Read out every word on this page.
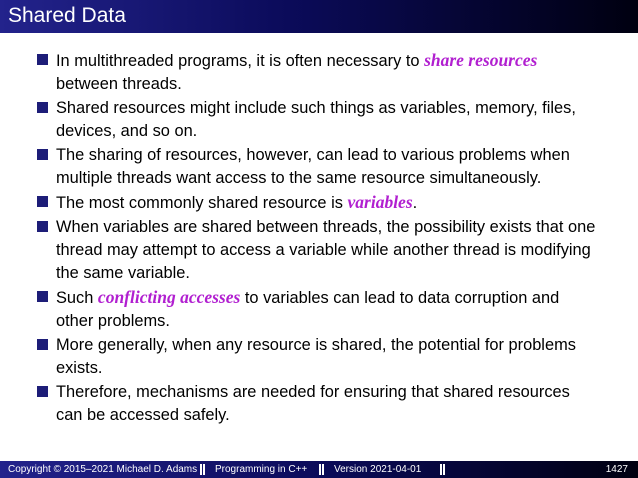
Shared Data
In multithreaded programs, it is often necessary to share resources
between threads.
Shared resources might include such things as variables, memory, files,
devices, and so on.
The sharing of resources, however, can lead to various problems when
multiple threads want access to the same resource simultaneously.
The most commonly shared resource is variables.
When variables are shared between threads, the possibility exists that one
thread may attempt to access a variable while another thread is modifying
the same variable.
Such conflicting accesses to variables can lead to data corruption and
other problems.
More generally, when any resource is shared, the potential for problems
exists.
Therefore, mechanisms are needed for ensuring that shared resources
can be accessed safely.
Copyright © 2015–2021 Michael D. Adams Programming in C++	Version 2021-04-01	1427
